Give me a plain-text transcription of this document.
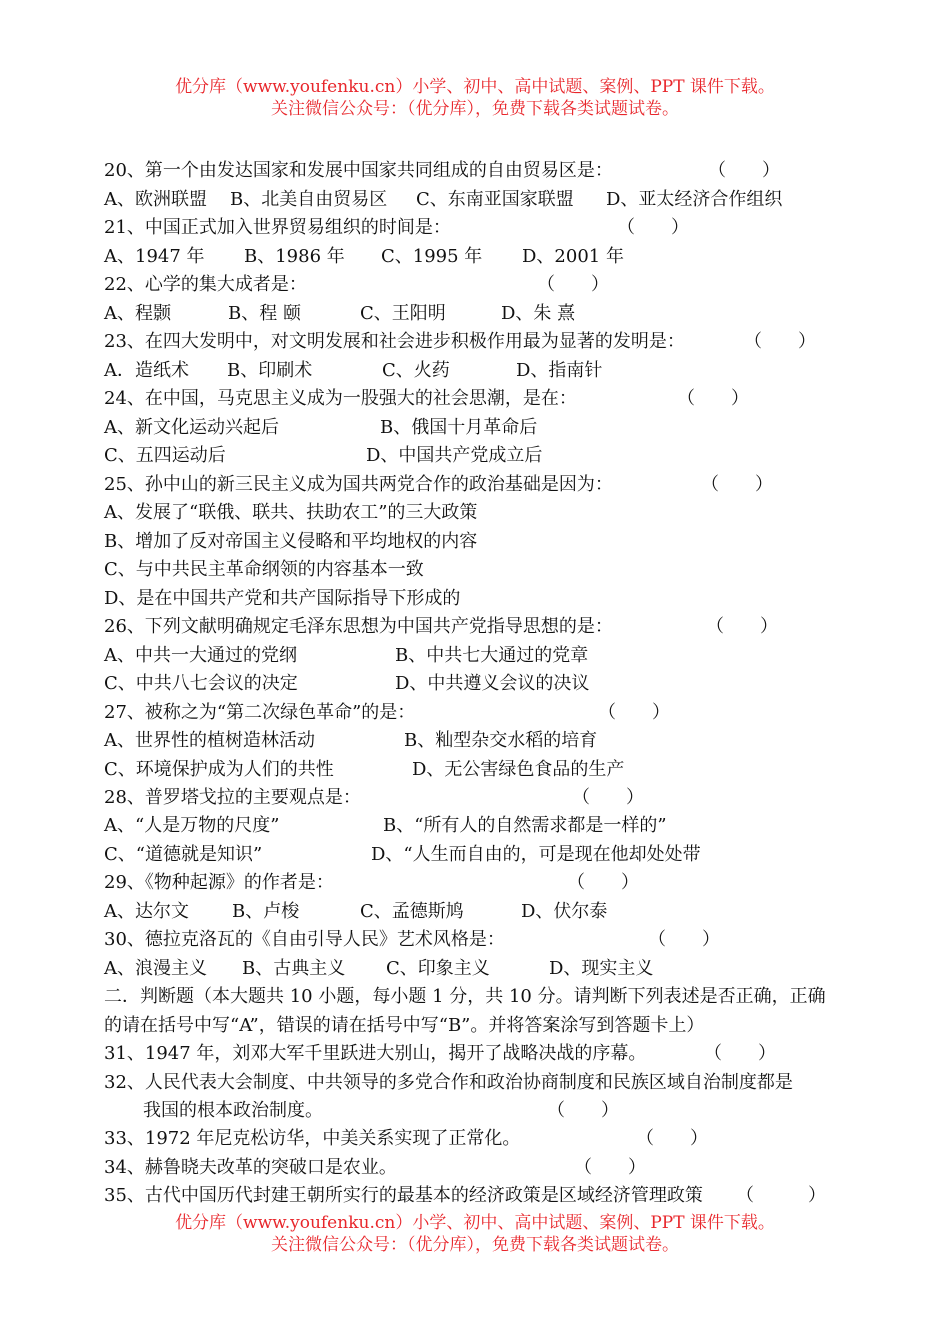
优分库（www.youfenku.cn）小学、初中、高中试题、案例、PPT 课件下载。
关注微信公众号：（优分库），免费下载各类试题试卷。
20、第一个由发达国家和发展中国家共同组成的自由贸易区是：	（　　）
A、欧洲联盟 B、北美自由贸易区 C、东南亚国家联盟 D、亚太经济合作组织
21、中国正式加入世界贸易组织的时间是：	（　　）
A、1947 年 B、1986 年 C、1995 年 D、2001 年
22、心学的集大成者是：	（　　）
A、程颢	B、程 颐	C、王阳明	D、朱 熹
23、在四大发明中，对文明发展和社会进步积极作用最为显著的发明是：	（　　）
A．造纸术 B、印刷术	C、火药	D、指南针
24、在中国，马克思主义成为一股强大的社会思潮，是在：	（　　）
A、新文化运动兴起后	B、俄国十月革命后
C、五四运动后	D、中国共产党成立后
25、孙中山的新三民主义成为国共两党合作的政治基础是因为：	（　　）
A、发展了“联俄、联共、扶助农工”的三大政策
B、增加了反对帝国主义侵略和平均地权的内容
C、与中共民主革命纲领的内容基本一致
D、是在中国共产党和共产国际指导下形成的
26、下列文献明确规定毛泽东思想为中国共产党指导思想的是：	（　　）
A、中共一大通过的党纲	B、中共七大通过的党章
C、中共八七会议的决定	D、中共遵义会议的决议
27、被称之为“第二次绿色革命”的是：	（　　）
A、世界性的植树造林活动	B、籼型杂交水稻的培育
C、环境保护成为人们的共性	D、无公害绿色食品的生产
28、普罗塔戈拉的主要观点是：	（　　）
A、“人是万物的尺度”	B、“所有人的自然需求都是一样的”
C、“道德就是知识”	D、“人生而自由的，可是现在他却处处带
29、《物种起源》的作者是：	（　　）
A、达尔文 B、卢梭	C、孟德斯鸠	D、伏尔泰
30、德拉克洛瓦的《自由引导人民》艺术风格是：	（　　）
A、浪漫主义 B、古典主义 C、印象主义	D、现实主义
二．判断题（本大题共 10 小题，每小题 1 分，共 10 分。请判断下列表述是否正确，正确
的请在括号中写“A”，错误的请在括号中写“B”。并将答案涂写到答题卡上）
31、1947 年，刘邓大军千里跃进大别山，揭开了战略决战的序幕。	（　　）
32、人民代表大会制度、中共领导的多党合作和政治协商制度和民族区域自治制度都是
我国的根本政治制度。	（　　）
33、1972 年尼克松访华，中美关系实现了正常化。	（　　）
34、赫鲁晓夫改革的突破口是农业。	（　　）
35、古代中国历代封建王朝所实行的最基本的经济政策是区域经济管理政策 （　　　）
优分库（www.youfenku.cn）小学、初中、高中试题、案例、PPT 课件下载。
关注微信公众号：（优分库），免费下载各类试题试卷。
